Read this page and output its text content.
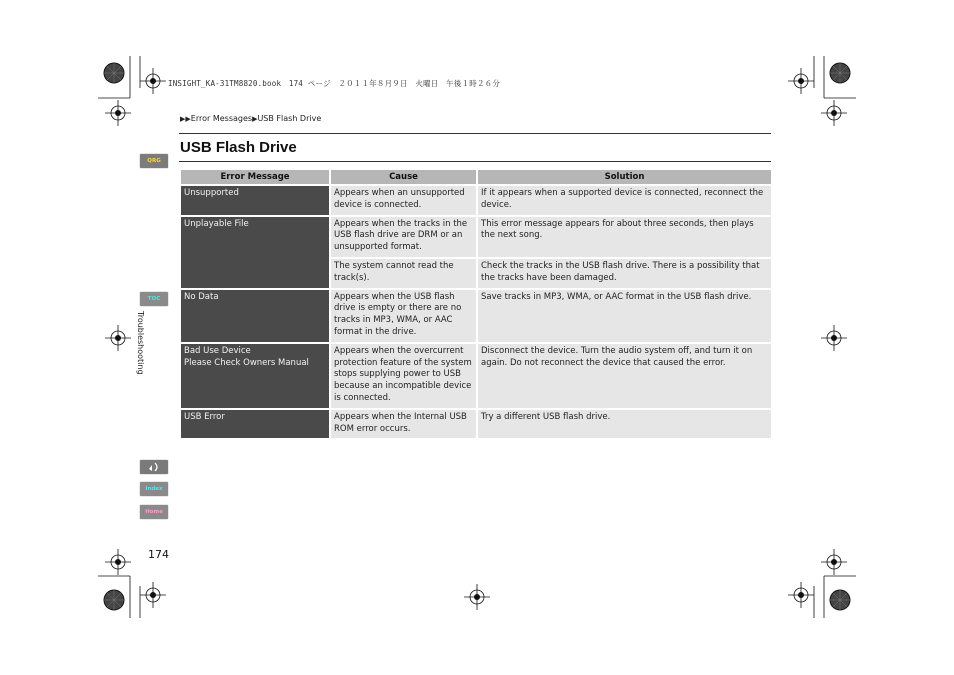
INSIGHT_KA-31TM8820.book　174 ページ　２０１１年８月９日　火曜日　午後１時２６分
▶▶Error Messages▶USB Flash Drive
USB Flash Drive
QRG
TOC
Troubleshooting
Index
Home
174
Error Message	Cause	Solution
Unsupported	Appears when an unsupported device is connected.	If it appears when a supported device is connected, reconnect the device.
Unplayable File	Appears when the tracks in the USB flash drive are DRM or an unsupported format.	This error message appears for about three seconds, then plays the next song.
	The system cannot read the track(s).	Check the tracks in the USB flash drive. There is a possibility that the tracks have been damaged.
No Data	Appears when the USB flash drive is empty or there are no tracks in MP3, WMA, or AAC format in the drive.	Save tracks in MP3, WMA, or AAC format in the USB flash drive.

Bad Use Device
Please Check Owners Manual	Appears when the overcurrent protection feature of the system stops supplying power to USB because an incompatible device is connected.	Disconnect the device. Turn the audio system off, and turn it on again. Do not reconnect the device that caused the error.
USB Error	Appears when the Internal USB ROM error occurs.	Try a different USB flash drive.
